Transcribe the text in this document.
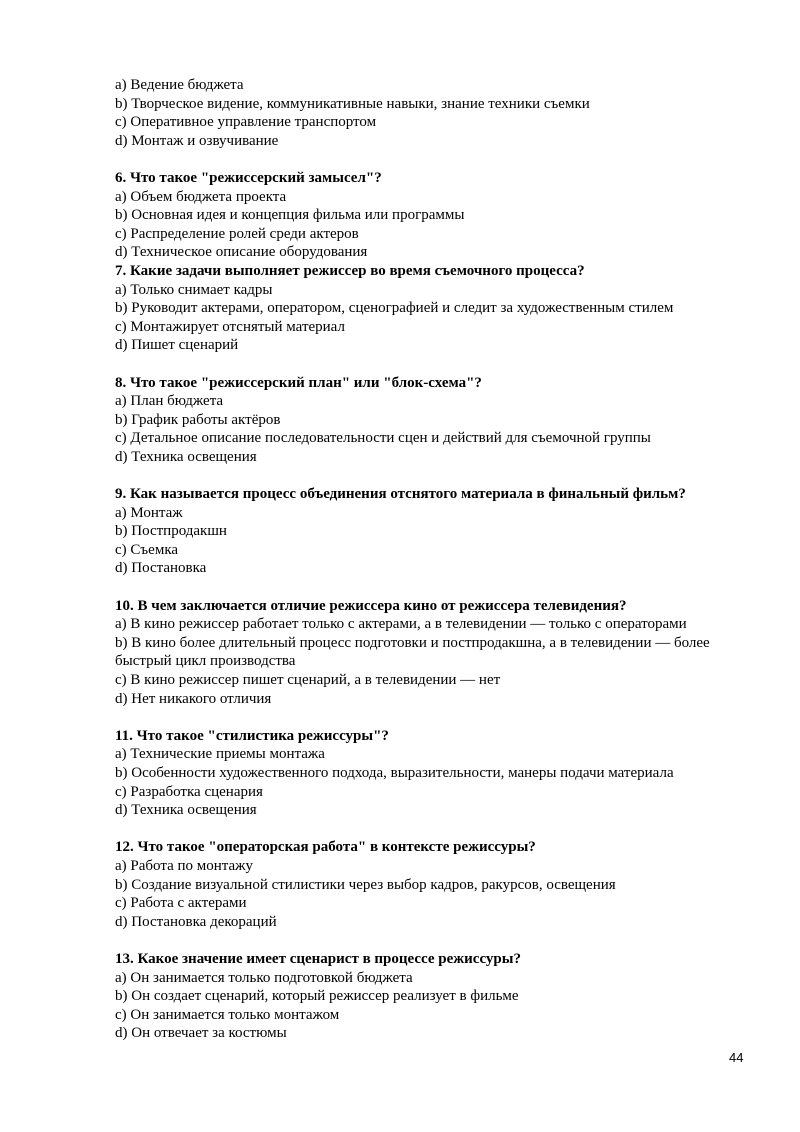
a) Ведение бюджета

b) Творческое видение, коммуникативные навыки, знание техники съемки

c) Оперативное управление транспортом

d) Монтаж и озвучивание

6. Что такое "режиссерский замысел"?

a) Объем бюджета проекта

b) Основная идея и концепция фильма или программы

c) Распределение ролей среди актеров

d) Техническое описание оборудования

7. Какие задачи выполняет режиссер во время съемочного процесса?

a) Только снимает кадры

b) Руководит актерами, оператором, сценографией и следит за художественным стилем

c) Монтажирует отснятый материал

d) Пишет сценарий

8. Что такое "режиссерский план" или "блок-схема"?

a) План бюджета

b) График работы актёров

c) Детальное описание последовательности сцен и действий для съемочной группы

d) Техника освещения

9. Как называется процесс объединения отснятого материала в финальный фильм?

a) Монтаж

b) Постпродакшн

c) Съемка

d) Постановка

10. В чем заключается отличие режиссера кино от режиссера телевидения?

a) В кино режиссер работает только с актерами, а в телевидении — только с операторами

b) В кино более длительный процесс подготовки и постпродакшна, а в телевидении — более быстрый цикл производства

c) В кино режиссер пишет сценарий, а в телевидении — нет

d) Нет никакого отличия

11. Что такое "стилистика режиссуры"?

a) Технические приемы монтажа

b) Особенности художественного подхода, выразительности, манеры подачи материала

c) Разработка сценария

d) Техника освещения

12. Что такое "операторская работа" в контексте режиссуры?

a) Работа по монтажу

b) Создание визуальной стилистики через выбор кадров, ракурсов, освещения

c) Работа с актерами

d) Постановка декораций

13. Какое значение имеет сценарист в процессе режиссуры?

a) Он занимается только подготовкой бюджета

b) Он создает сценарий, который режиссер реализует в фильме

c) Он занимается только монтажом

d) Он отвечает за костюмы

44
